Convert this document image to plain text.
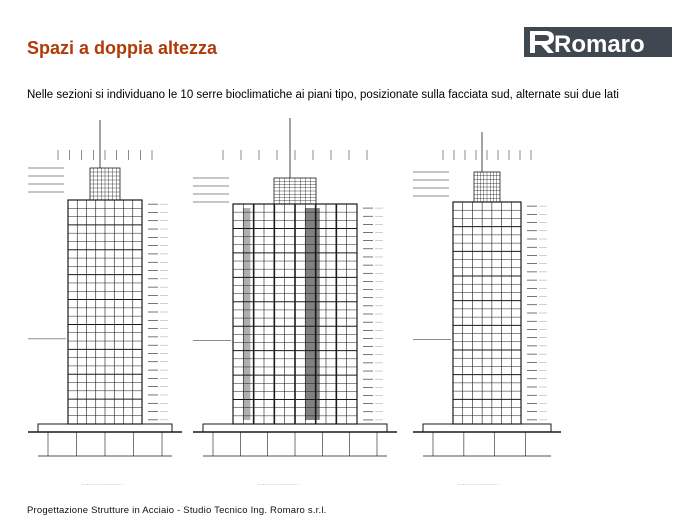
Spazi a doppia altezza	Romaro
Nelle sezioni si individuano le 10 serre bioclimatiche ai piani tipo, posizionate sulla facciata sud, alternate sui due lati
- - - - - - - - - - - - - - - - -	- - - - - - - - - - - - - - - - -	- - - - - - - - - - - - - - - - -
Progettazione Strutture in Acciaio - Studio Tecnico Ing. Romaro s.r.l.
